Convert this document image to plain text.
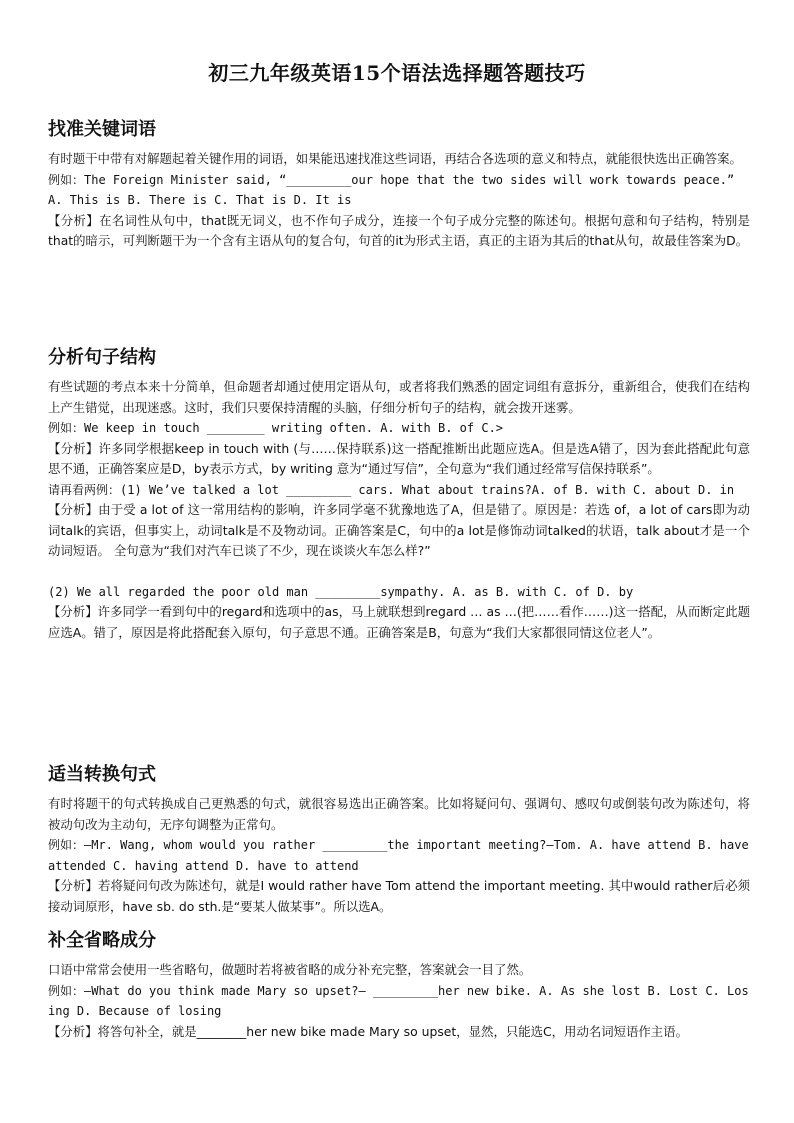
初三九年级英语15个语法选择题答题技巧
找准关键词语

有时题干中带有对解题起着关键作用的词语，如果能迅速找准这些词语，再结合各选项的意义和特点，就能很快选出正确答案。

例如：The Foreign Minister said, “_________our hope that the two sides will work towards peace.” A. This is B. There is C. That is D. It is

【分析】在名词性从句中，that既无词义，也不作句子成分，连接一个句子成分完整的陈述句。根据句意和句子结构，特别是that的暗示，可判断题干为一个含有主语从句的复合句，句首的it为形式主语，真正的主语为其后的that从句，故最佳答案为D。

分析句子结构

有些试题的考点本来十分简单，但命题者却通过使用定语从句，或者将我们熟悉的固定词组有意拆分，重新组合，使我们在结构上产生错觉，出现迷惑。这时，我们只要保持清醒的头脑，仔细分析句子的结构，就会拨开迷雾。

例如：We keep in touch ________ writing often. A. with B. of C.>

【分析】许多同学根据keep in touch with (与……保持联系)这一搭配推断出此题应选A。但是选A错了，因为套此搭配此句意思不通，正确答案应是D，by表示方式，by writing 意为“通过写信”，全句意为“我们通过经常写信保持联系”。

请再看两例：(1) We’ve talked a lot _________ cars. What about trains?A. of B. with C. about D. in

【分析】由于受 a lot of 这一常用结构的影响，许多同学毫不犹豫地选了A，但是错了。原因是：若选 of，a lot of cars即为动词talk的宾语，但事实上，动词talk是不及物动词。正确答案是C，句中的a lot是修饰动词talked的状语，talk about才是一个动词短语。 全句意为“我们对汽车已谈了不少，现在谈谈火车怎么样?”

(2) We all regarded the poor old man _________sympathy. A. as B. with C. of D. by

【分析】许多同学一看到句中的regard和选项中的as，马上就联想到regard … as …(把……看作……)这一搭配，从而断定此题应选A。错了，原因是将此搭配套入原句，句子意思不通。正确答案是B，句意为“我们大家都很同情这位老人”。

适当转换句式

有时将题干的句式转换成自己更熟悉的句式，就很容易选出正确答案。比如将疑问句、强调句、感叹句或倒装句改为陈述句，将被动句改为主动句，无序句调整为正常句。

例如：—Mr. Wang, whom would you rather _________the important meeting?—Tom. A. have attend B. have attended C. having attend D. have to attend

【分析】若将疑问句改为陈述句，就是I would rather have Tom attend the important meeting. 其中would rather后必须接动词原形，have sb. do sth.是“要某人做某事”。所以选A。

补全省略成分

口语中常常会使用一些省略句，做题时若将被省略的成分补充完整，答案就会一目了然。

例如：—What do you think made Mary so upset?— _________her new bike. A. As she lost B. Lost C. Losing D. Because of losing

【分析】将答句补全，就是________her new bike made Mary so upset，显然，只能选C，用动名词短语作主语。
